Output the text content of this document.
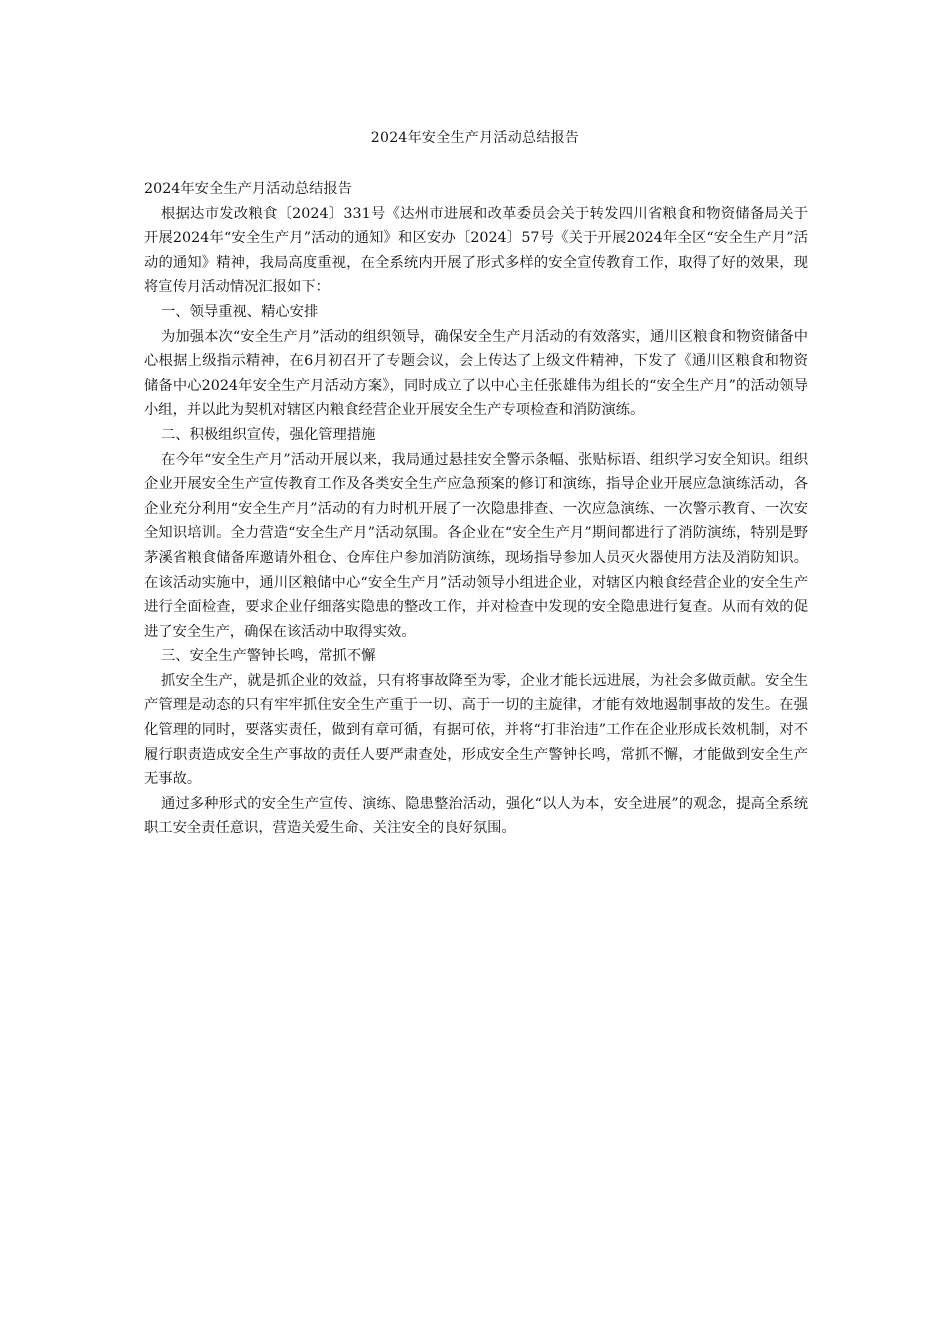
2024年安全生产月活动总结报告

2024年安全生产月活动总结报告

根据达市发改粮食〔2024〕331号《达州市进展和改革委员会关于转发四川省粮食和物资储备局关于开展2024年“安全生产月”活动的通知》和区安办〔2024〕57号《关于开展2024年全区“安全生产月”活动的通知》精神，我局高度重视，在全系统内开展了形式多样的安全宣传教育工作，取得了好的效果，现将宣传月活动情况汇报如下：

一、领导重视、精心安排

为加强本次“安全生产月”活动的组织领导，确保安全生产月活动的有效落实，通川区粮食和物资储备中心根据上级指示精神，在6月初召开了专题会议，会上传达了上级文件精神，下发了《通川区粮食和物资储备中心2024年安全生产月活动方案》，同时成立了以中心主任张雄伟为组长的“安全生产月”的活动领导小组，并以此为契机对辖区内粮食经营企业开展安全生产专项检查和消防演练。

二、积极组织宣传，强化管理措施

在今年“安全生产月”活动开展以来，我局通过悬挂安全警示条幅、张贴标语、组织学习安全知识。组织企业开展安全生产宣传教育工作及各类安全生产应急预案的修订和演练，指导企业开展应急演练活动，各企业充分利用“安全生产月”活动的有力时机开展了一次隐患排查、一次应急演练、一次警示教育、一次安全知识培训。全力营造“安全生产月”活动氛围。各企业在“安全生产月”期间都进行了消防演练，特别是野茅溪省粮食储备库邀请外租仓、仓库住户参加消防演练，现场指导参加人员灭火器使用方法及消防知识。在该活动实施中，通川区粮储中心“安全生产月”活动领导小组进企业，对辖区内粮食经营企业的安全生产进行全面检查，要求企业仔细落实隐患的整改工作，并对检查中发现的安全隐患进行复查。从而有效的促进了安全生产，确保在该活动中取得实效。

三、安全生产警钟长鸣，常抓不懈

抓安全生产，就是抓企业的效益，只有将事故降至为零，企业才能长远进展，为社会多做贡献。安全生产管理是动态的只有牢牢抓住安全生产重于一切、高于一切的主旋律，才能有效地遏制事故的发生。在强化管理的同时，要落实责任，做到有章可循，有据可依，并将“打非治违”工作在企业形成长效机制，对不履行职责造成安全生产事故的责任人要严肃查处，形成安全生产警钟长鸣，常抓不懈，才能做到安全生产无事故。

通过多种形式的安全生产宣传、演练、隐患整治活动，强化“以人为本，安全进展”的观念，提高全系统职工安全责任意识，营造关爱生命、关注安全的良好氛围。
